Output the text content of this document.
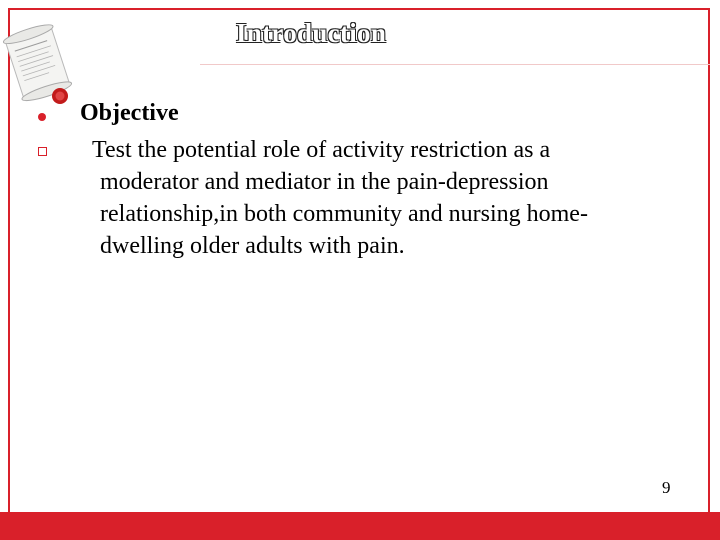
Introduction
Objective
Test the potential role of activity restriction as a
moderator and mediator in the pain-depression
relationship,in both community and nursing home-
dwelling older adults with pain.
9
